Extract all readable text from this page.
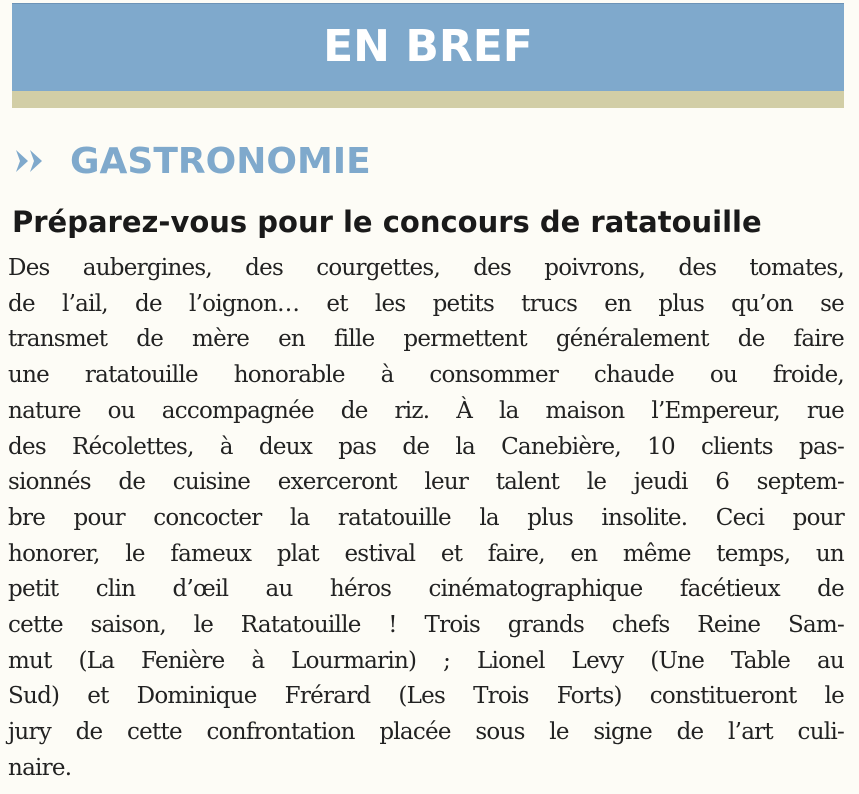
EN BREF
GASTRONOMIE
Préparez-vous pour le concours de ratatouille
Des aubergines, des courgettes, des poivrons, des tomates,
de l’ail, de l’oignon… et les petits trucs en plus qu’on se
transmet de mère en fille permettent généralement de faire
une ratatouille honorable à consommer chaude ou froide,
nature ou accompagnée de riz. À la maison l’Empereur, rue
des Récolettes, à deux pas de la Canebière, 10 clients pas-
sionnés de cuisine exerceront leur talent le jeudi 6 septem-
bre pour concocter la ratatouille la plus insolite. Ceci pour
honorer, le fameux plat estival et faire, en même temps, un
petit clin d’œil au héros cinématographique facétieux de
cette saison, le Ratatouille ! Trois grands chefs Reine Sam-
mut (La Fenière à Lourmarin) ; Lionel Levy (Une Table au
Sud) et Dominique Frérard (Les Trois Forts) constitueront le
jury de cette confrontation placée sous le signe de l’art culi-
naire.
